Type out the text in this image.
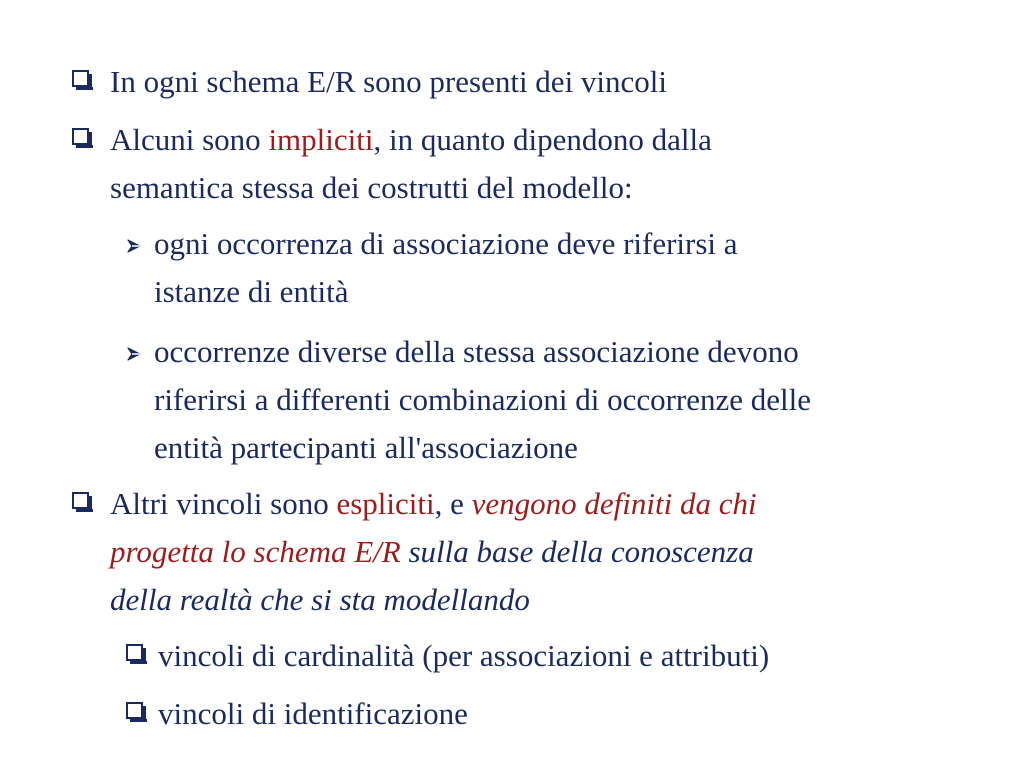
In ogni schema E/R sono presenti dei vincoli
Alcuni sono impliciti, in quanto dipendono dalla
semantica stessa dei costrutti del modello:
ogni occorrenza di associazione deve riferirsi a
istanze di entità
occorrenze diverse della stessa associazione devono
riferirsi a differenti combinazioni di occorrenze delle
entità partecipanti all'associazione
Altri vincoli sono espliciti, e vengono definiti da chi
progetta lo schema E/R sulla base della conoscenza
della realtà che si sta modellando
vincoli di cardinalità (per associazioni e attributi)
vincoli di identificazione
